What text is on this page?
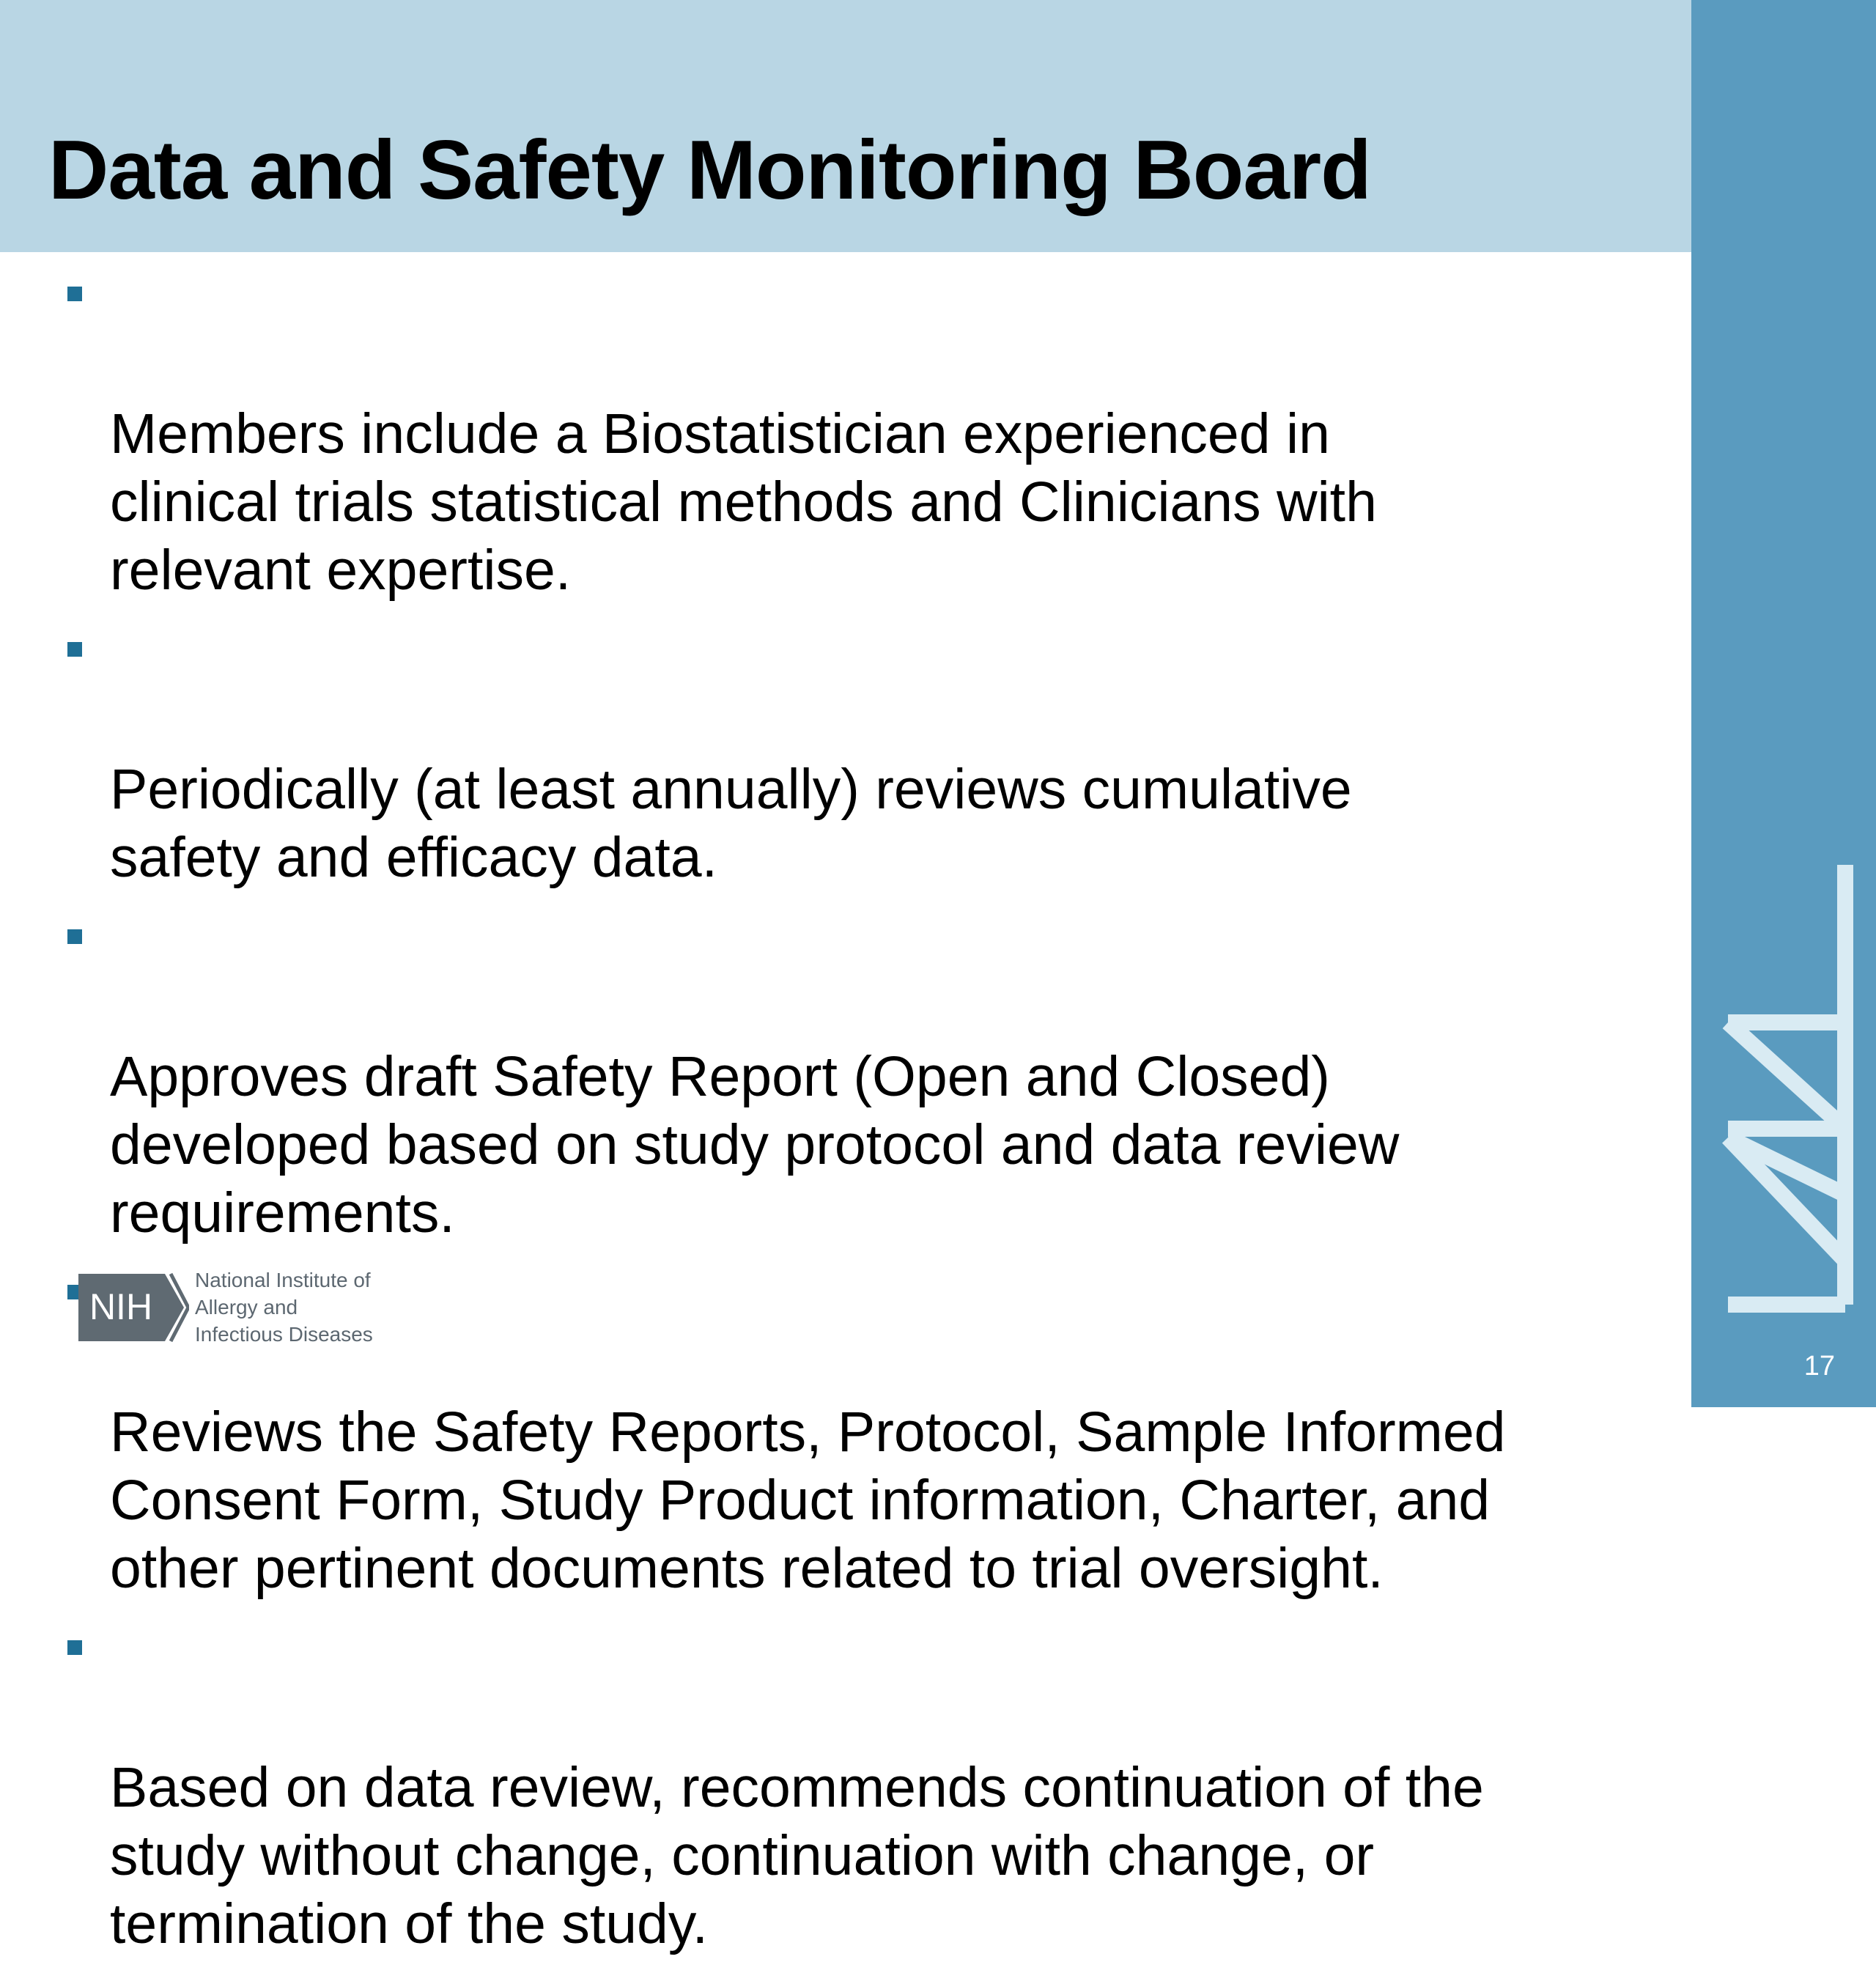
Data and Safety Monitoring Board
17

Members include a Biostatistician experienced in
clinical trials statistical methods and Clinicians with
relevant expertise.

Periodically (at least annually) reviews cumulative
safety and efficacy data.

Approves draft Safety Report (Open and Closed)
developed based on study protocol and data review
requirements.

Reviews the Safety Reports, Protocol, Sample Informed
Consent Form, Study Product information, Charter, and
other pertinent documents related to trial oversight.

Based on data review, recommends continuation of the
study without change, continuation with change, or
termination of the study.

NIH
National Institute of
Allergy and
Infectious Diseases
